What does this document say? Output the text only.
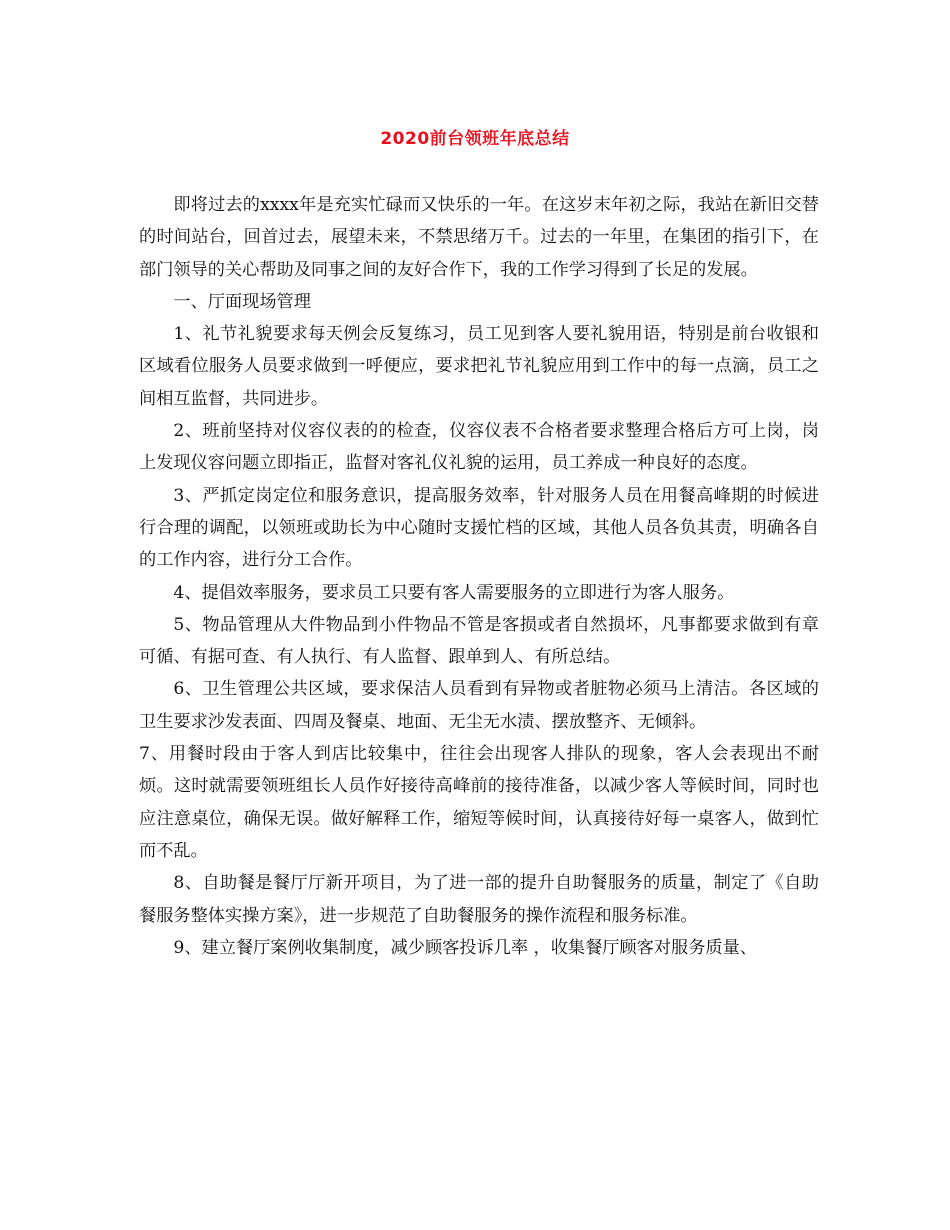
2020前台领班年底总结

即将过去的xxxx年是充实忙碌而又快乐的一年。在这岁末年初之际，我站在新旧交替的时间站台，回首过去，展望未来，不禁思绪万千。过去的一年里，在集团的指引下，在部门领导的关心帮助及同事之间的友好合作下，我的工作学习得到了长足的发展。

一、厅面现场管理

1、礼节礼貌要求每天例会反复练习，员工见到客人要礼貌用语，特别是前台收银和区域看位服务人员要求做到一呼便应，要求把礼节礼貌应用到工作中的每一点滴，员工之间相互监督，共同进步。

2、班前坚持对仪容仪表的的检查，仪容仪表不合格者要求整理合格后方可上岗，岗上发现仪容问题立即指正，监督对客礼仪礼貌的运用，员工养成一种良好的态度。

3、严抓定岗定位和服务意识，提高服务效率，针对服务人员在用餐高峰期的时候进行合理的调配，以领班或助长为中心随时支援忙档的区域，其他人员各负其责，明确各自的工作内容，进行分工合作。

4、提倡效率服务，要求员工只要有客人需要服务的立即进行为客人服务。

5、物品管理从大件物品到小件物品不管是客损或者自然损坏，凡事都要求做到有章可循、有据可查、有人执行、有人监督、跟单到人、有所总结。

6、卫生管理公共区域，要求保洁人员看到有异物或者脏物必须马上清洁。各区域的卫生要求沙发表面、四周及餐桌、地面、无尘无水渍、摆放整齐、无倾斜。

7、用餐时段由于客人到店比较集中，往往会出现客人排队的现象，客人会表现出不耐烦。这时就需要领班组长人员作好接待高峰前的接待准备，以减少客人等候时间，同时也应注意桌位，确保无误。做好解释工作，缩短等候时间，认真接待好每一桌客人，做到忙而不乱。

8、自助餐是餐厅厅新开项目，为了进一部的提升自助餐服务的质量，制定了《自助餐服务整体实操方案》，进一步规范了自助餐服务的操作流程和服务标准。

9、建立餐厅案例收集制度，减少顾客投诉几率 ，收集餐厅顾客对服务质量、
